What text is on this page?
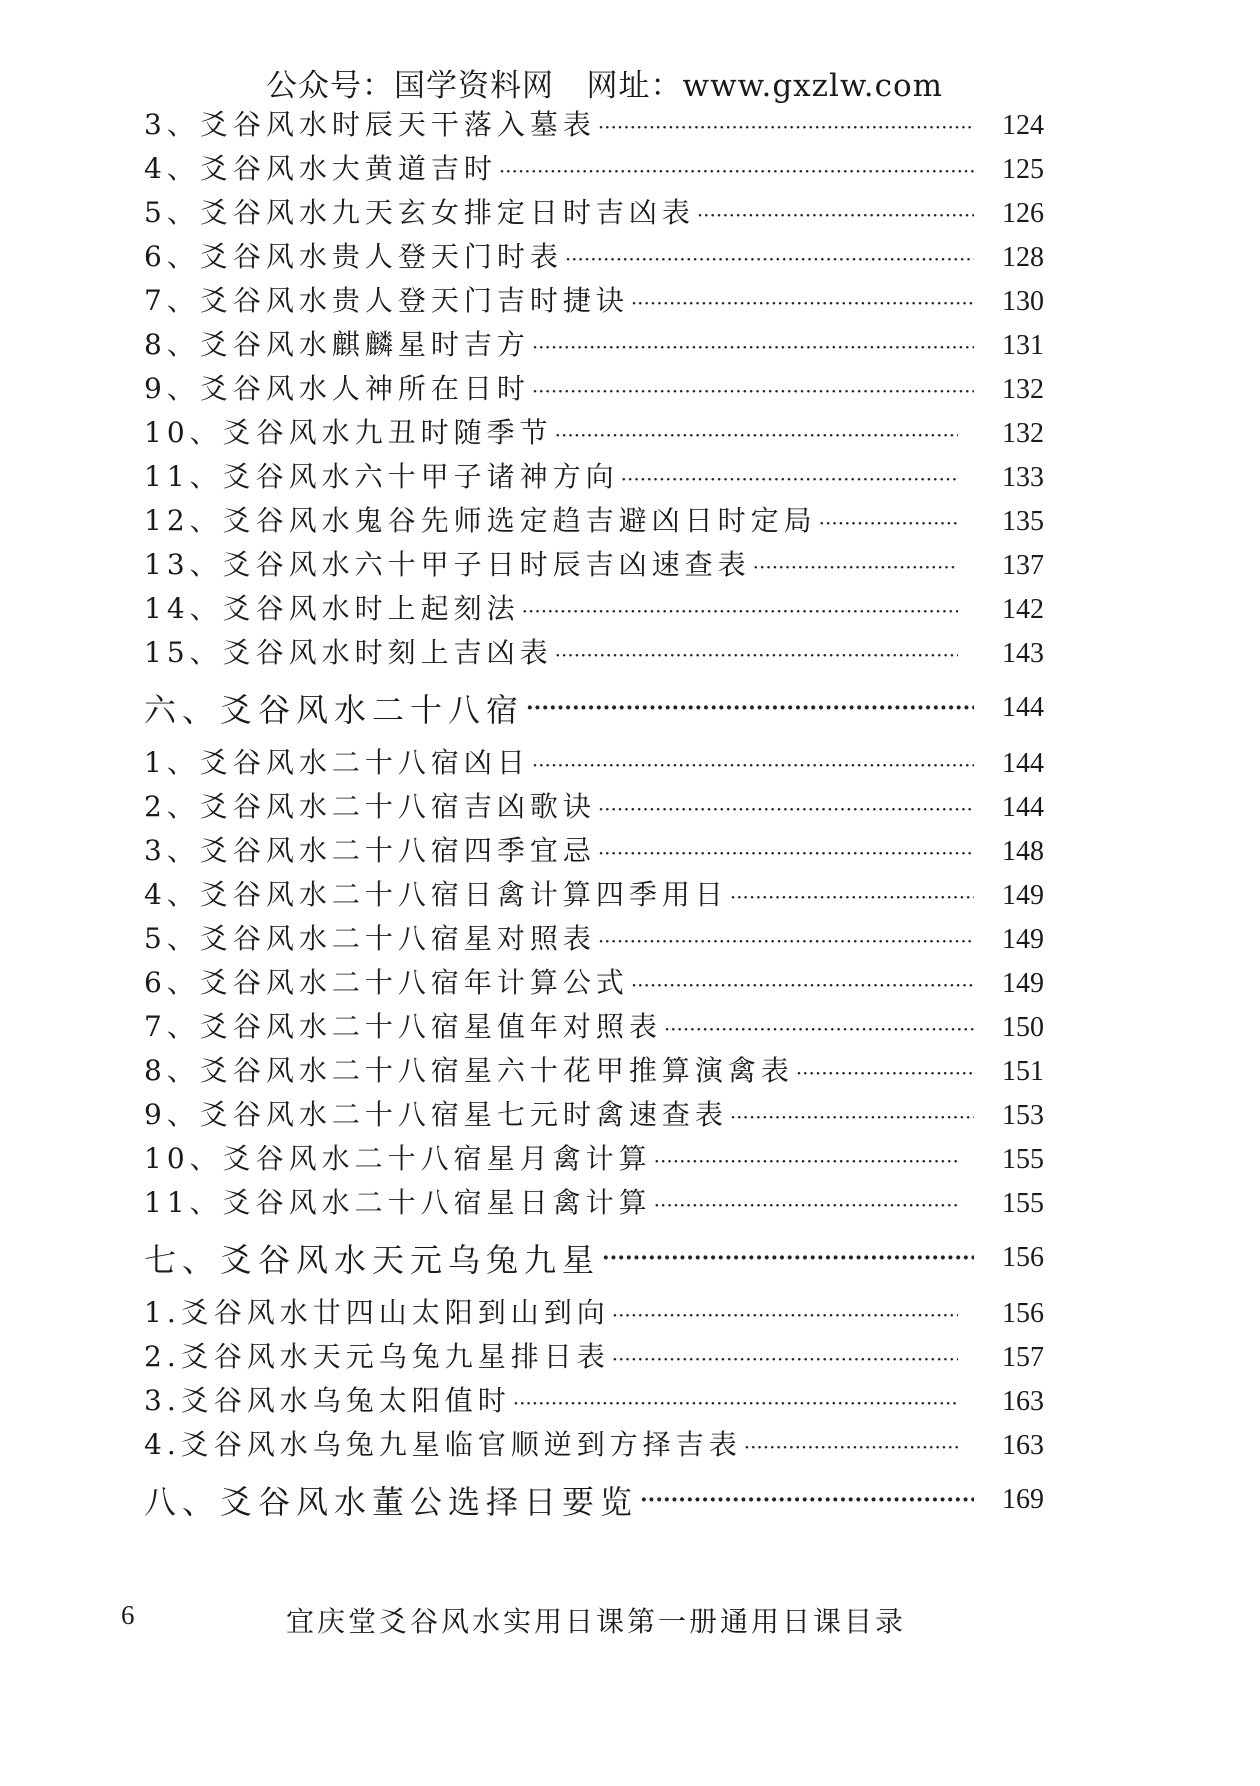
公众号：国学资料网   网址：www.gxzlw.com
3、爻谷风水时辰天干落入墓表 ·····	124
4、爻谷风水大黄道吉时 ·····	125
5、爻谷风水九天玄女排定日时吉凶表 ·····	126
6、爻谷风水贵人登天门时表 ·····	128
7、爻谷风水贵人登天门吉时捷诀 ·····	130
8、爻谷风水麒麟星时吉方 ·····	131
9、爻谷风水人神所在日时 ·····	132
10、爻谷风水九丑时随季节 ·····	132
11、爻谷风水六十甲子诸神方向 ·····	133
12、爻谷风水鬼谷先师选定趋吉避凶日时定局 ·····	135
13、爻谷风水六十甲子日时辰吉凶速查表 ·····	137
14、爻谷风水时上起刻法 ·····	142
15、爻谷风水时刻上吉凶表 ·····	143
六、爻谷风水二十八宿 ·····	144
1、爻谷风水二十八宿凶日 ·····	144
2、爻谷风水二十八宿吉凶歌诀 ·····	144
3、爻谷风水二十八宿四季宜忌 ·····	148
4、爻谷风水二十八宿日禽计算四季用日 ·····	149
5、爻谷风水二十八宿星对照表 ·····	149
6、爻谷风水二十八宿年计算公式 ·····	149
7、爻谷风水二十八宿星值年对照表 ·····	150
8、爻谷风水二十八宿星六十花甲推算演禽表 ·····	151
9、爻谷风水二十八宿星七元时禽速查表 ·····	153
10、爻谷风水二十八宿星月禽计算 ·····	155
11、爻谷风水二十八宿星日禽计算 ·····	155
七、爻谷风水天元乌兔九星 ·····	156
1.爻谷风水廿四山太阳到山到向 ·····	156
2.爻谷风水天元乌兔九星排日表 ·····	157
3.爻谷风水乌兔太阳值时 ·····	163
4.爻谷风水乌兔九星临官顺逆到方择吉表 ·····	163
八、爻谷风水董公选择日要览 ·····	169
6	宜庆堂爻谷风水实用日课第一册通用日课目录
